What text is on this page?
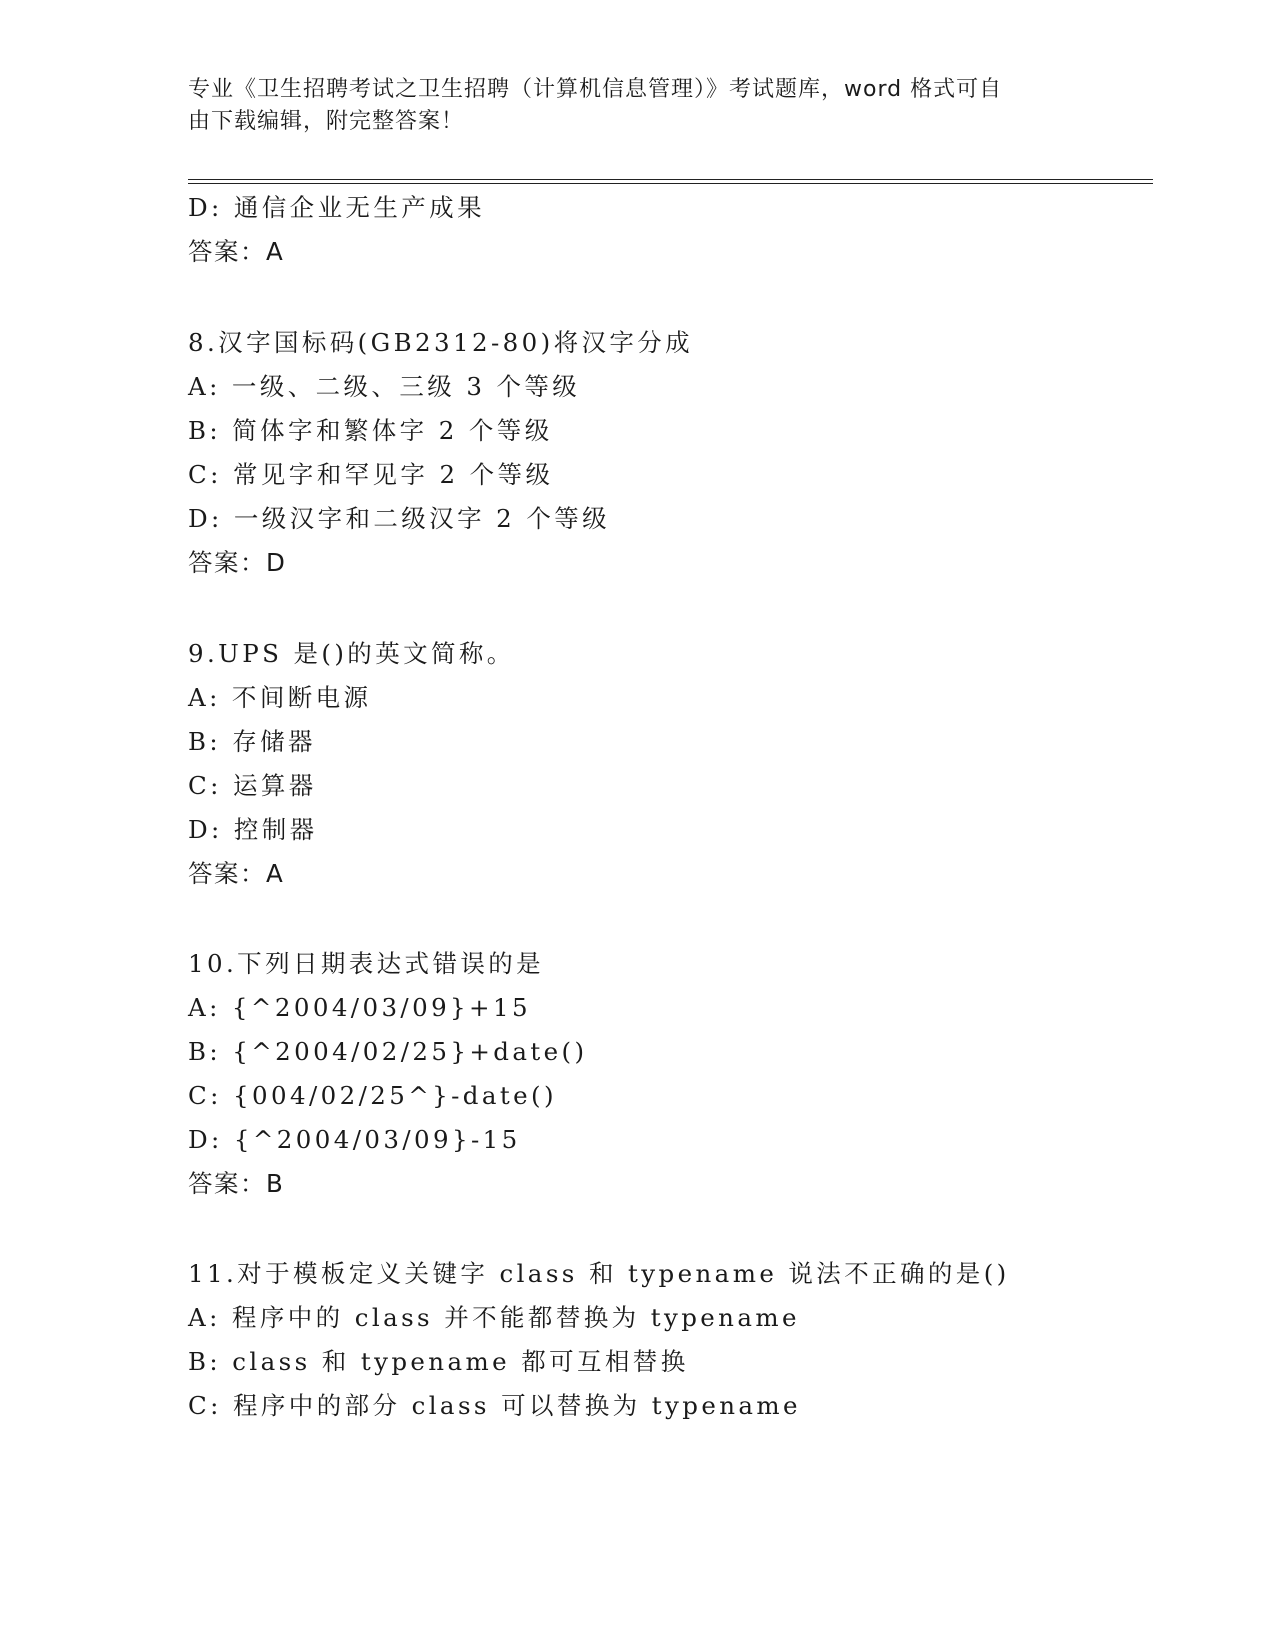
专业《卫生招聘考试之卫生招聘（计算机信息管理）》考试题库，word 格式可自
由下载编辑，附完整答案！
D: 通信企业无生产成果
答案：A
8.汉字国标码(GB2312-80)将汉字分成
A: 一级、二级、三级 3 个等级
B: 简体字和繁体字 2 个等级
C: 常见字和罕见字 2 个等级
D: 一级汉字和二级汉字 2 个等级
答案：D
9.UPS 是()的英文简称。
A: 不间断电源
B: 存储器
C: 运算器
D: 控制器
答案：A
10.下列日期表达式错误的是
A: {^2004/03/09}+15
B: {^2004/02/25}+date()
C: {004/02/25^}-date()
D: {^2004/03/09}-15
答案：B
11.对于模板定义关键字 class 和 typename 说法不正确的是()
A: 程序中的 class 并不能都替换为 typename
B: class 和 typename 都可互相替换
C: 程序中的部分 class 可以替换为 typename
